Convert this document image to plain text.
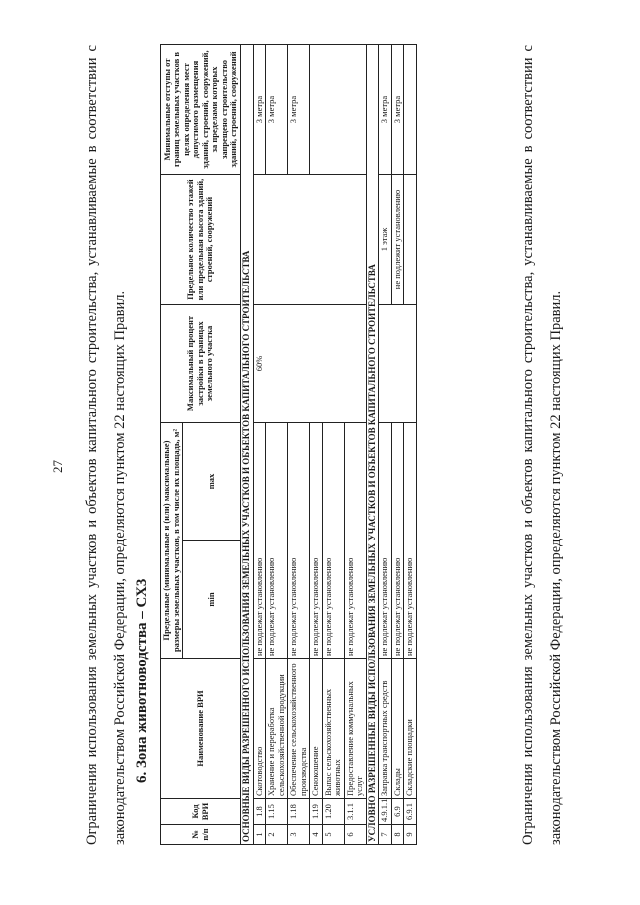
27	Ограничения использования земельных участков и объектов капитального строительства, устанавливаемые в соответствии с законодательством Российской Федерации, определяются пунктом 22 настоящих Правил. 6. Зона животноводства – СХ3
№ п/п	Код ВРИ	Наименование ВРИ	Предельные (минимальные и (или) максимальные) размеры земельных участков, в том числе их площадь, м²		Максимальный процент застройки в границах земельного участка	Предельное количество этажей или предельная высота зданий, строений, сооружений	Минимальные отступы от границ земельных участков в целях определения мест допустимого размещения зданий, строений, сооружений, за пределами которых запрещено строительство зданий, строений, сооружений
			min	max			
ОСНОВНЫЕ ВИДЫ РАЗРЕШЕННОГО ИСПОЛЬЗОВАНИЯ ЗЕМЕЛЬНЫХ УЧАСТКОВ И ОБЪЕКТОВ КАПИТАЛЬНОГО СТРОИТЕЛЬСТВА							
1	1.8	Скотоводство	не подлежат установлению		60%		3 метра
2	1.15	Хранение и переработка сельскохозяйственной продукции	не подлежат установлению				3 метра
3	1.18	Обеспечение сельскохозяйственного производства	не подлежат установлению				3 метра
4	1.19	Сенокошение	не подлежат установлению				
5	1.20	Выпас сельскохозяйственных животных	не подлежат установлению				
6	3.1.1	Предоставление коммунальных услуг	не подлежат установлению				
УСЛОВНО РАЗРЕШЕННЫЕ ВИДЫ ИСПОЛЬЗОВАНИЯ ЗЕМЕЛЬНЫХ УЧАСТКОВ И ОБЪЕКТОВ КАПИТАЛЬНОГО СТРОИТЕЛЬСТВА							
7	4.9.1.1	Заправка транспортных средств	не подлежат установлению			1 этаж	3 метра
8	6.9	Склады	не подлежат установлению			не подлежит установлению	3 метра
9	6.9.1	Складские площадки	не подлежат установлению					Ограничения использования земельных участков и объектов капитального строительства, устанавливаемые в соответствии с законодательством Российской Федерации, определяются пунктом 22 настоящих Правил.
